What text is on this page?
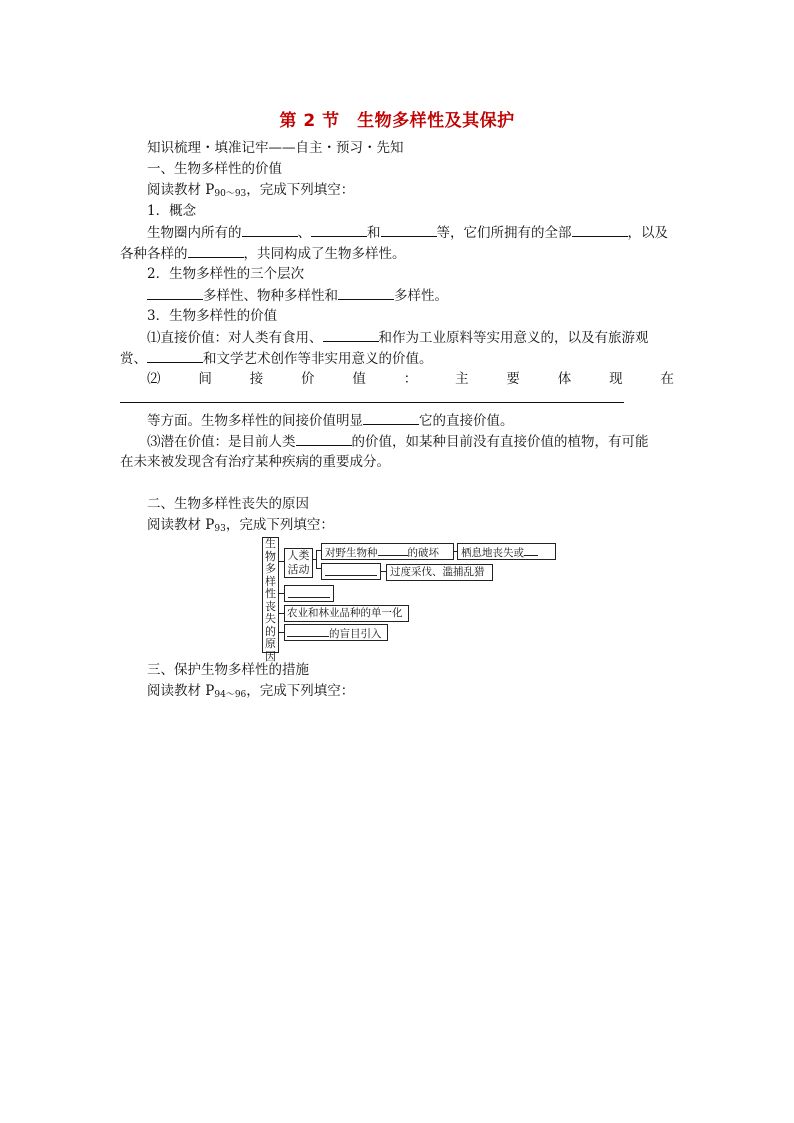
第 2 节　生物多样性及其保护
知识梳理・填准记牢——自主・预习・先知
一、生物多样性的价值
阅读教材 $P_{90\sim 93}$，完成下列填空：
1．概念
生物圈内所有的	、	和	等，它们所拥有的全部	，以及
各种各样的	，共同构成了生物多样性。
2．生物多样性的三个层次
多样性、物种多样性和	多样性。
3．生物多样性的价值
⑴直接价值：对人类有食用、	和作为工业原料等实用意义的，以及有旅游观
赏、	和文学艺术创作等非实用意义的价值。
⑵	间	接	价	值	：	主	要	体	现	在
等方面。生物多样性的间接价值明显	它的直接价值。
⑶潜在价值：是目前人类	的价值，如某种目前没有直接价值的植物，有可能
在未来被发现含有治疗某种疾病的重要成分。
二、生物多样性丧失的原因
阅读教材 $P_{93}$，完成下列填空：
生物多样性丧失的原因
人类活动
对野生物种	的破坏	栖息地丧失或
过度采伐、滥捕乱猎
农业和林业品种的单一化
的盲目引入
三、保护生物多样性的措施
阅读教材 $P_{94\sim 96}$，完成下列填空：
